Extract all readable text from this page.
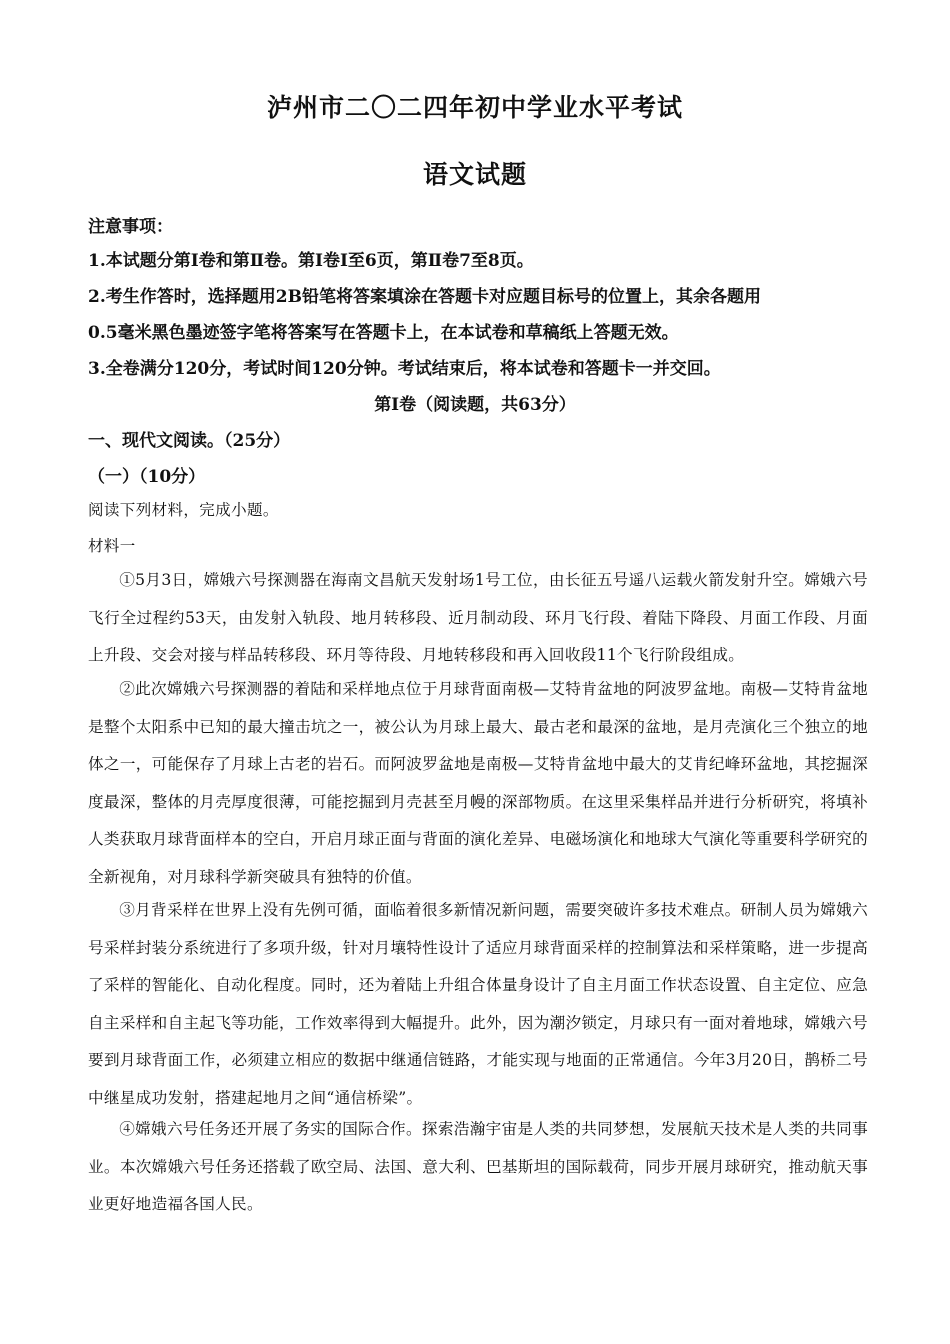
泸州市二〇二四年初中学业水平考试
语文试题
注意事项：
1.本试题分第Ⅰ卷和第Ⅱ卷。第Ⅰ卷Ⅰ至6页，第Ⅱ卷7至8页。
2.考生作答时，选择题用2B铅笔将答案填涂在答题卡对应题目标号的位置上，其余各题用
0.5毫米黑色墨迹签字笔将答案写在答题卡上，在本试卷和草稿纸上答题无效。
3.全卷满分120分，考试时间120分钟。考试结束后，将本试卷和答题卡一并交回。
第Ⅰ卷（阅读题，共63分）
一、现代文阅读。（25分）
（一）（10分）
阅读下列材料，完成小题。
材料一
①5月3日，嫦娥六号探测器在海南文昌航天发射场1号工位，由长征五号遥八运载火箭发射升空。嫦娥六号飞行全过程约53天，由发射入轨段、地月转移段、近月制动段、环月飞行段、着陆下降段、月面工作段、月面上升段、交会对接与样品转移段、环月等待段、月地转移段和再入回收段11个飞行阶段组成。
②此次嫦娥六号探测器的着陆和采样地点位于月球背面南极—艾特肯盆地的阿波罗盆地。南极—艾特肯盆地是整个太阳系中已知的最大撞击坑之一，被公认为月球上最大、最古老和最深的盆地，是月壳演化三个独立的地体之一，可能保存了月球上古老的岩石。而阿波罗盆地是南极—艾特肯盆地中最大的艾肯纪峰环盆地，其挖掘深度最深，整体的月壳厚度很薄，可能挖掘到月壳甚至月幔的深部物质。在这里采集样品并进行分析研究，将填补人类获取月球背面样本的空白，开启月球正面与背面的演化差异、电磁场演化和地球大气演化等重要科学研究的全新视角，对月球科学新突破具有独特的价值。
③月背采样在世界上没有先例可循，面临着很多新情况新问题，需要突破许多技术难点。研制人员为嫦娥六号采样封装分系统进行了多项升级，针对月壤特性设计了适应月球背面采样的控制算法和采样策略，进一步提高了采样的智能化、自动化程度。同时，还为着陆上升组合体量身设计了自主月面工作状态设置、自主定位、应急自主采样和自主起飞等功能，工作效率得到大幅提升。此外，因为潮汐锁定，月球只有一面对着地球，嫦娥六号要到月球背面工作，必须建立相应的数据中继通信链路，才能实现与地面的正常通信。今年3月20日，鹊桥二号中继星成功发射，搭建起地月之间“通信桥梁”。
④嫦娥六号任务还开展了务实的国际合作。探索浩瀚宇宙是人类的共同梦想，发展航天技术是人类的共同事业。本次嫦娥六号任务还搭载了欧空局、法国、意大利、巴基斯坦的国际载荷，同步开展月球研究，推动航天事业更好地造福各国人民。
